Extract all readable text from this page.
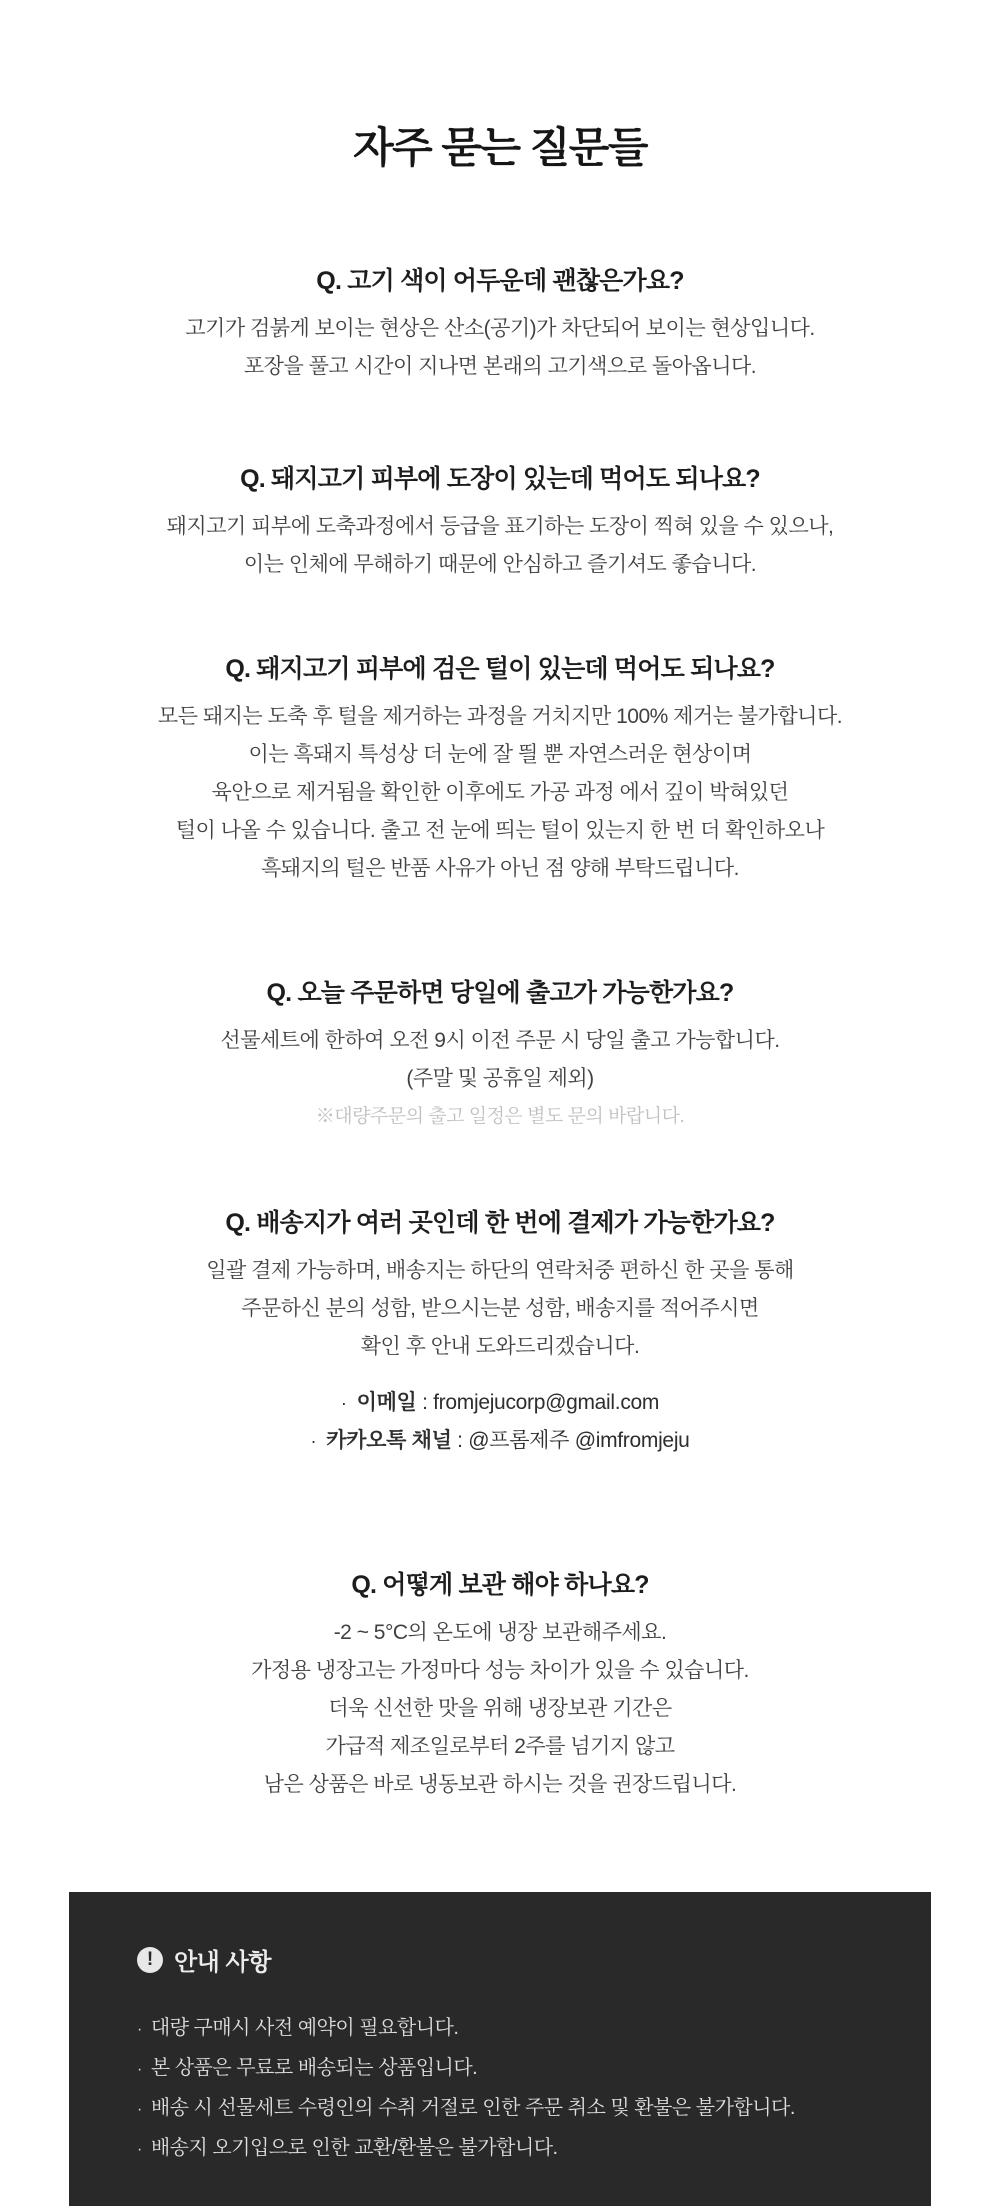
자주 묻는 질문들
Q. 고기 색이 어두운데 괜찮은가요?
고기가 검붉게 보이는 현상은 산소(공기)가 차단되어 보이는 현상입니다.
포장을 풀고 시간이 지나면 본래의 고기색으로 돌아옵니다.
Q. 돼지고기 피부에 도장이 있는데 먹어도 되나요?
돼지고기 피부에 도축과정에서 등급을 표기하는 도장이 찍혀 있을 수 있으나,
이는 인체에 무해하기 때문에 안심하고 즐기셔도 좋습니다.
Q. 돼지고기 피부에 검은 털이 있는데 먹어도 되나요?
모든 돼지는 도축 후 털을 제거하는 과정을 거치지만 100% 제거는 불가합니다.
이는 흑돼지 특성상 더 눈에 잘 띌 뿐 자연스러운 현상이며
육안으로 제거됨을 확인한 이후에도 가공 과정 에서 깊이 박혀있던
털이 나올 수 있습니다. 출고 전 눈에 띄는 털이 있는지 한 번 더 확인하오나
흑돼지의 털은 반품 사유가 아닌 점 양해 부탁드립니다.
Q. 오늘 주문하면 당일에 출고가 가능한가요?
선물세트에 한하여 오전 9시 이전 주문 시 당일 출고 가능합니다.
(주말 및 공휴일 제외)
※대량주문의 출고 일정은 별도 문의 바랍니다.
Q. 배송지가 여러 곳인데 한 번에 결제가 가능한가요?
일괄 결제 가능하며, 배송지는 하단의 연락처중 편하신 한 곳을 통해
주문하신 분의 성함, 받으시는분 성함, 배송지를 적어주시면
확인 후 안내 도와드리겠습니다.
· 이메일 : fromjejucorp@gmail.com
· 카카오톡 채널 : @프롬제주 @imfromjeju
Q. 어떻게 보관 해야 하나요?
-2 ~ 5°C의 온도에 냉장 보관해주세요.
가정용 냉장고는 가정마다 성능 차이가 있을 수 있습니다.
더욱 신선한 맛을 위해 냉장보관 기간은
가급적 제조일로부터 2주를 넘기지 않고
남은 상품은 바로 냉동보관 하시는 것을 권장드립니다.
! 안내 사항
· 대량 구매시 사전 예약이 필요합니다.
· 본 상품은 무료로 배송되는 상품입니다.
· 배송 시 선물세트 수령인의 수취 거절로 인한 주문 취소 및 환불은 불가합니다.
· 배송지 오기입으로 인한 교환/환불은 불가합니다.
